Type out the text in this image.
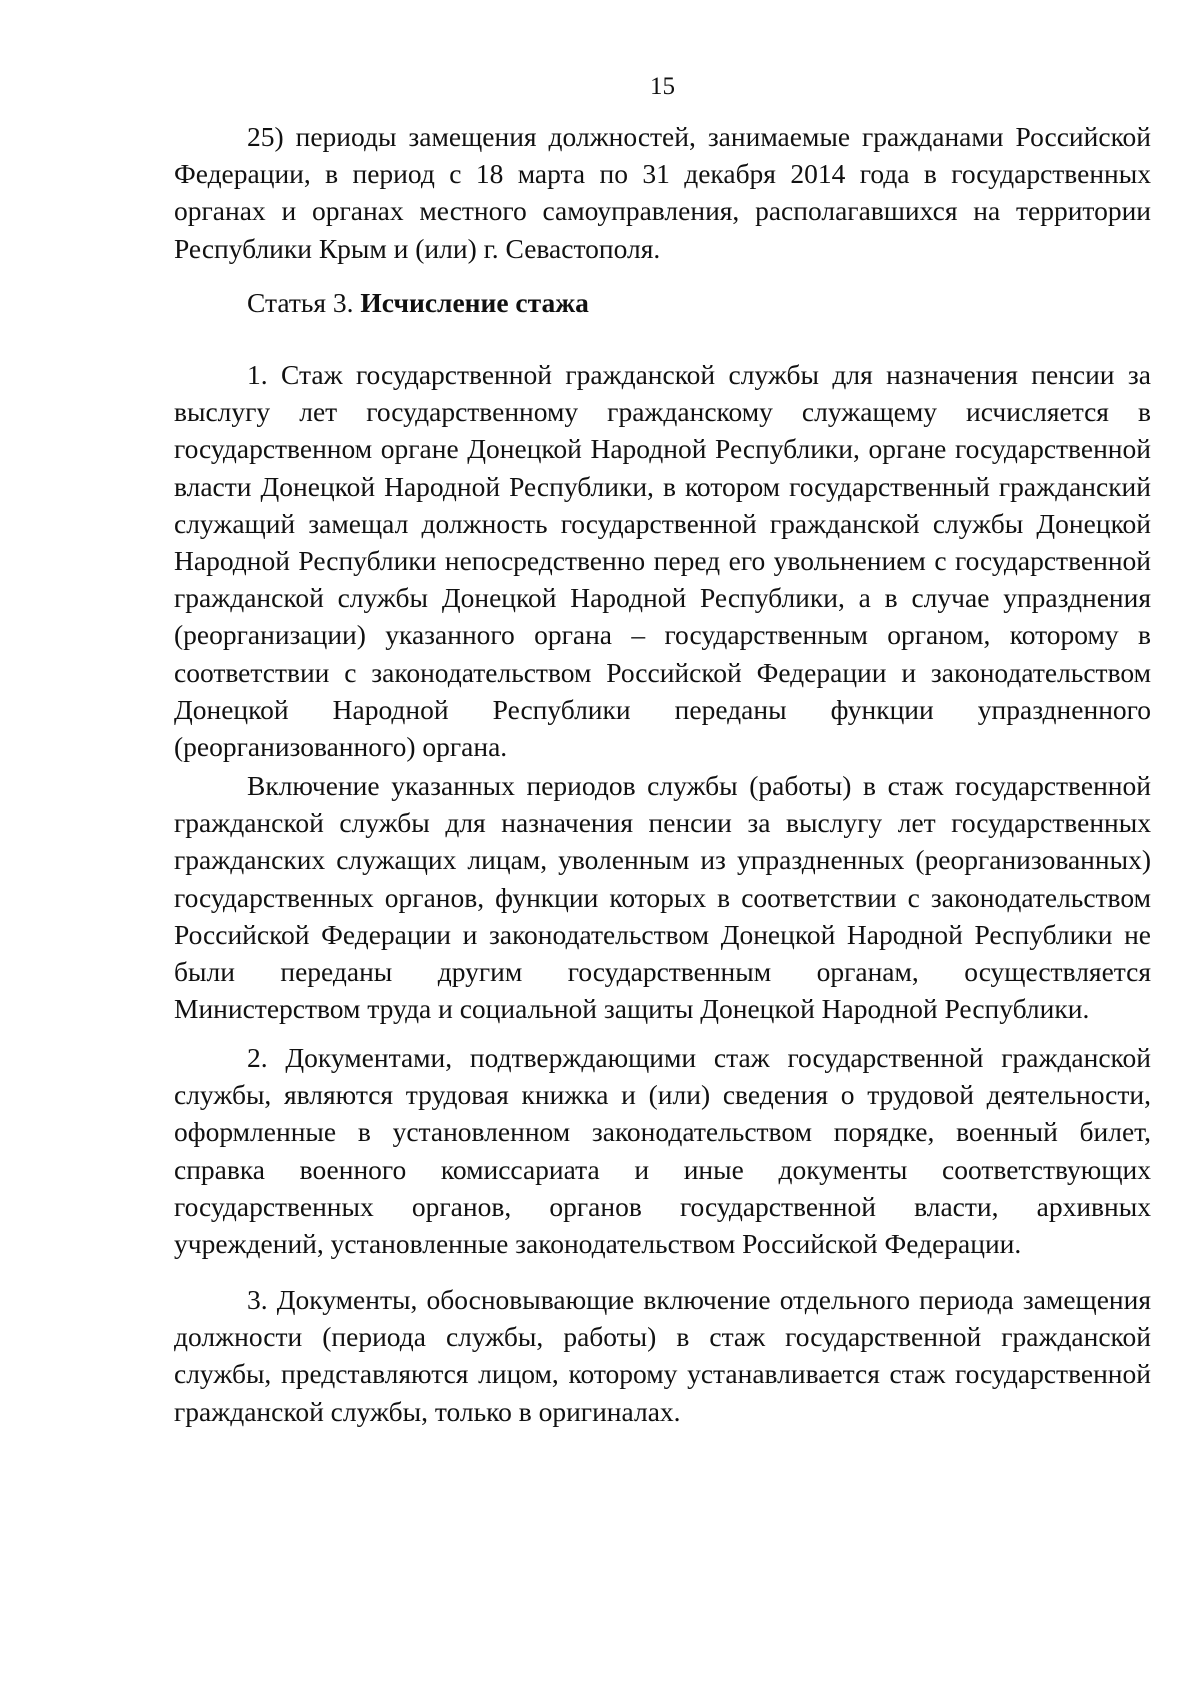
15

25) периоды замещения должностей, занимаемые гражданами Российской Федерации, в период с 18 марта по 31 декабря 2014 года в государственных органах и органах местного самоуправления, располагавшихся на территории Республики Крым и (или) г. Севастополя.

Статья 3. Исчисление стажа

1. Стаж государственной гражданской службы для назначения пенсии за выслугу лет государственному гражданскому служащему исчисляется в государственном органе Донецкой Народной Республики, органе государственной власти Донецкой Народной Республики, в котором государственный гражданский служащий замещал должность государственной гражданской службы Донецкой Народной Республики непосредственно перед его увольнением с государственной гражданской службы Донецкой Народной Республики, а в случае упразднения (реорганизации) указанного органа – государственным органом, которому в соответствии с законодательством Российской Федерации и законодательством Донецкой Народной Республики переданы функции упраздненного (реорганизованного) органа.

Включение указанных периодов службы (работы) в стаж государственной гражданской службы для назначения пенсии за выслугу лет государственных гражданских служащих лицам, уволенным из упраздненных (реорганизованных) государственных органов, функции которых в соответствии с законодательством Российской Федерации и законодательством Донецкой Народной Республики не были переданы другим государственным органам, осуществляется Министерством труда и социальной защиты Донецкой Народной Республики.

2. Документами, подтверждающими стаж государственной гражданской службы, являются трудовая книжка и (или) сведения о трудовой деятельности, оформленные в установленном законодательством порядке, военный билет, справка военного комиссариата и иные документы соответствующих государственных органов, органов государственной власти, архивных учреждений, установленные законодательством Российской Федерации.

3. Документы, обосновывающие включение отдельного периода замещения должности (периода службы, работы) в стаж государственной гражданской службы, представляются лицом, которому устанавливается стаж государственной гражданской службы, только в оригиналах.
